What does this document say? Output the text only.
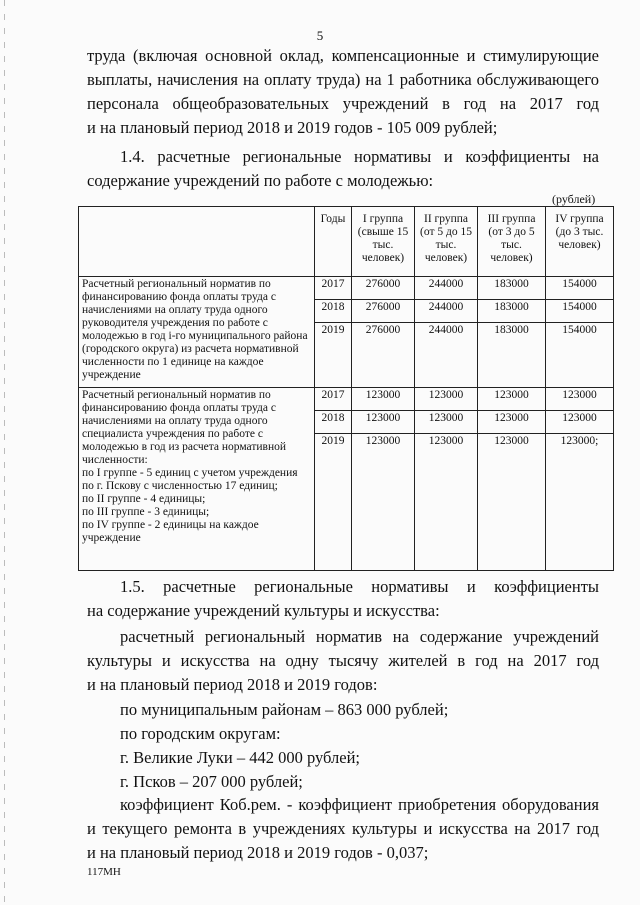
5

труда (включая основной оклад, компенсационные и стимулирующие

выплаты, начисления на оплату труда) на 1 работника обслуживающего

персонала общеобразовательных учреждений в год на 2017 год

и на плановый период 2018 и 2019 годов - 105 009 рублей;

1.4. расчетные региональные нормативы и коэффициенты на

содержание учреждений по работе с молодежью:

(рублей)
	Годы	I группа (свыше 15 тыс. человек)	II группа (от 5 до 15 тыс. человек)	III группа (от 3 до 5 тыс. человек)	IV группа (до 3 тыс. человек)
Расчетный региональный норматив по финансированию фонда оплаты труда с начислениями на оплату труда одного руководителя учреждения по работе с молодежью в год i-го муниципального района (городского округа) из расчета нормативной численности по 1 единице на каждое учреждение	2017	276000	244000	183000	154000
	2018	276000	244000	183000	154000
	2019	276000	244000	183000	154000
Расчетный региональный норматив по финансированию фонда оплаты труда с начислениями на оплату труда одного специалиста учреждения по работе с молодежью в год из расчета нормативной численности:
по I группе - 5 единиц с учетом учреждения по г. Пскову с численностью 17 единиц;
по II группе - 4 единицы;
по III группе - 3 единицы;
по IV группе - 2 единицы на каждое учреждение	2017	123000	123000	123000	123000
	2018	123000	123000	123000	123000
	2019	123000	123000	123000	123000;

1.5. расчетные региональные нормативы и коэффициенты

на содержание учреждений культуры и искусства:

расчетный региональный норматив на содержание учреждений

культуры и искусства на одну тысячу жителей в год на 2017 год

и на плановый период 2018 и 2019 годов:

по муниципальным районам – 863 000 рублей;

по городским округам:

г. Великие Луки – 442 000 рублей;

г. Псков – 207 000 рублей;

коэффициент Коб.рем. - коэффициент приобретения оборудования

и текущего ремонта в учреждениях культуры и искусства на 2017 год

и на плановый период 2018 и 2019 годов - 0,037;

117МН
